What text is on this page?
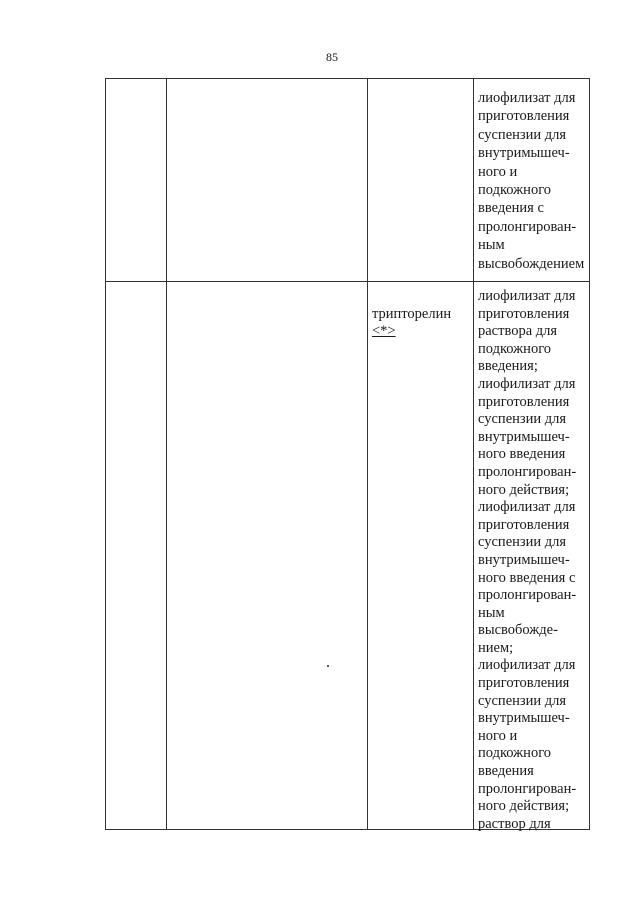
85
лиофилизат для
приготовления
суспензии для
внутримышеч-
ного и
подкожного
введения с
пролонгирован-
ным
высвобождением

трипторелин

<*>

лиофилизат для
приготовления
раствора для
подкожного
введения;
лиофилизат для
приготовления
суспензии для
внутримышеч-
ного введения
пролонгирован-
ного действия;
лиофилизат для
приготовления
суспензии для
внутримышеч-
ного введения с
пролонгирован-
ным
высвобожде-
нием;
лиофилизат для
приготовления
суспензии для
внутримышеч-
ного и
подкожного
введения
пролонгирован-
ного действия;
раствор для
